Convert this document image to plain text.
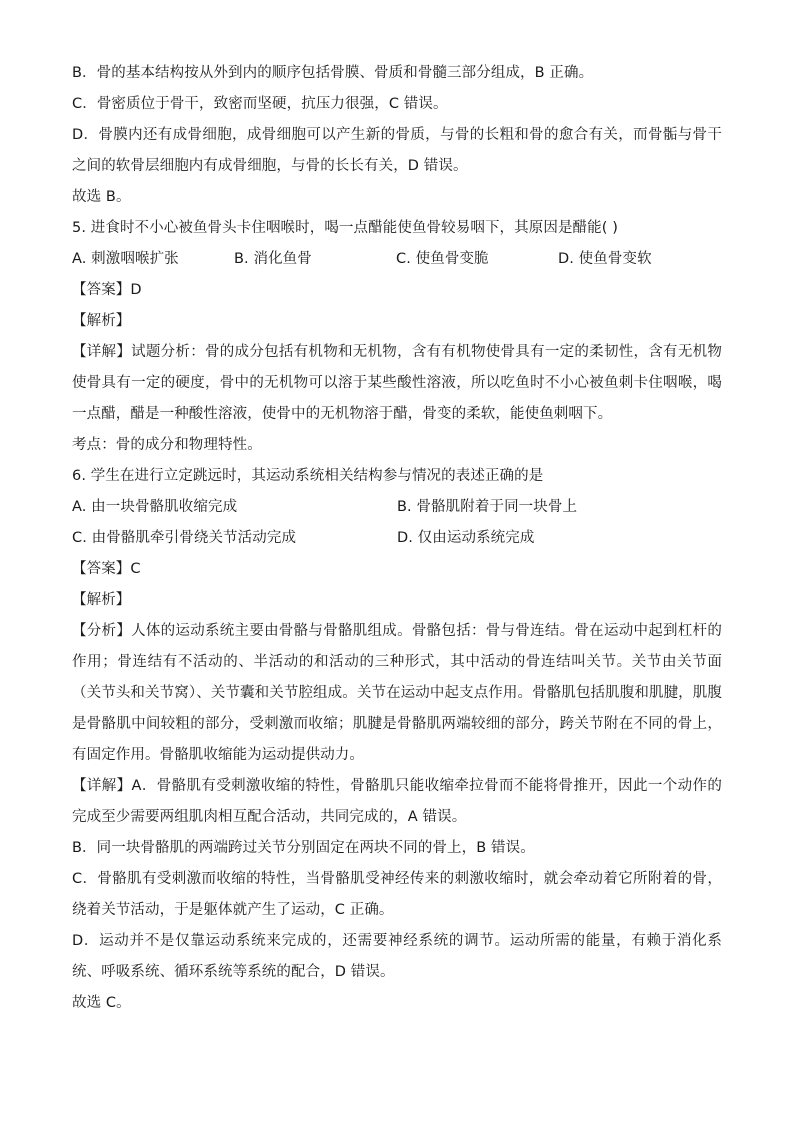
B．骨的基本结构按从外到内的顺序包括骨膜、骨质和骨髓三部分组成，B 正确。
C．骨密质位于骨干，致密而坚硬，抗压力很强，C 错误。
D．骨膜内还有成骨细胞，成骨细胞可以产生新的骨质，与骨的长粗和骨的愈合有关，而骨骺与骨干之间的软骨层细胞内有成骨细胞，与骨的长长有关，D 错误。
故选 B。
5. 进食时不小心被鱼骨头卡住咽喉时，喝一点醋能使鱼骨较易咽下，其原因是醋能( )
A. 刺激咽喉扩张	B. 消化鱼骨	C. 使鱼骨变脆	D. 使鱼骨变软
【答案】D
【解析】
【详解】试题分析：骨的成分包括有机物和无机物，含有有机物使骨具有一定的柔韧性，含有无机物使骨具有一定的硬度，骨中的无机物可以溶于某些酸性溶液，所以吃鱼时不小心被鱼刺卡住咽喉，喝一点醋，醋是一种酸性溶液，使骨中的无机物溶于醋，骨变的柔软，能使鱼刺咽下。
考点：骨的成分和物理特性。
6. 学生在进行立定跳远时，其运动系统相关结构参与情况的表述正确的是
A. 由一块骨骼肌收缩完成	B. 骨骼肌附着于同一块骨上
C. 由骨骼肌牵引骨绕关节活动完成	D. 仅由运动系统完成
【答案】C
【解析】
【分析】人体的运动系统主要由骨骼与骨骼肌组成。骨骼包括：骨与骨连结。骨在运动中起到杠杆的作用；骨连结有不活动的、半活动的和活动的三种形式，其中活动的骨连结叫关节。关节由关节面（关节头和关节窝）、关节囊和关节腔组成。关节在运动中起支点作用。骨骼肌包括肌腹和肌腱，肌腹是骨骼肌中间较粗的部分，受刺激而收缩；肌腱是骨骼肌两端较细的部分，跨关节附在不同的骨上，有固定作用。骨骼肌收缩能为运动提供动力。
【详解】A．骨骼肌有受刺激收缩的特性，骨骼肌只能收缩牵拉骨而不能将骨推开，因此一个动作的完成至少需要两组肌肉相互配合活动，共同完成的，A 错误。
B．同一块骨骼肌的两端跨过关节分别固定在两块不同的骨上，B 错误。
C．骨骼肌有受刺激而收缩的特性，当骨骼肌受神经传来的刺激收缩时，就会牵动着它所附着的骨，绕着关节活动，于是躯体就产生了运动，C 正确。
D．运动并不是仅靠运动系统来完成的，还需要神经系统的调节。运动所需的能量，有赖于消化系统、呼吸系统、循环系统等系统的配合，D 错误。
故选 C。
